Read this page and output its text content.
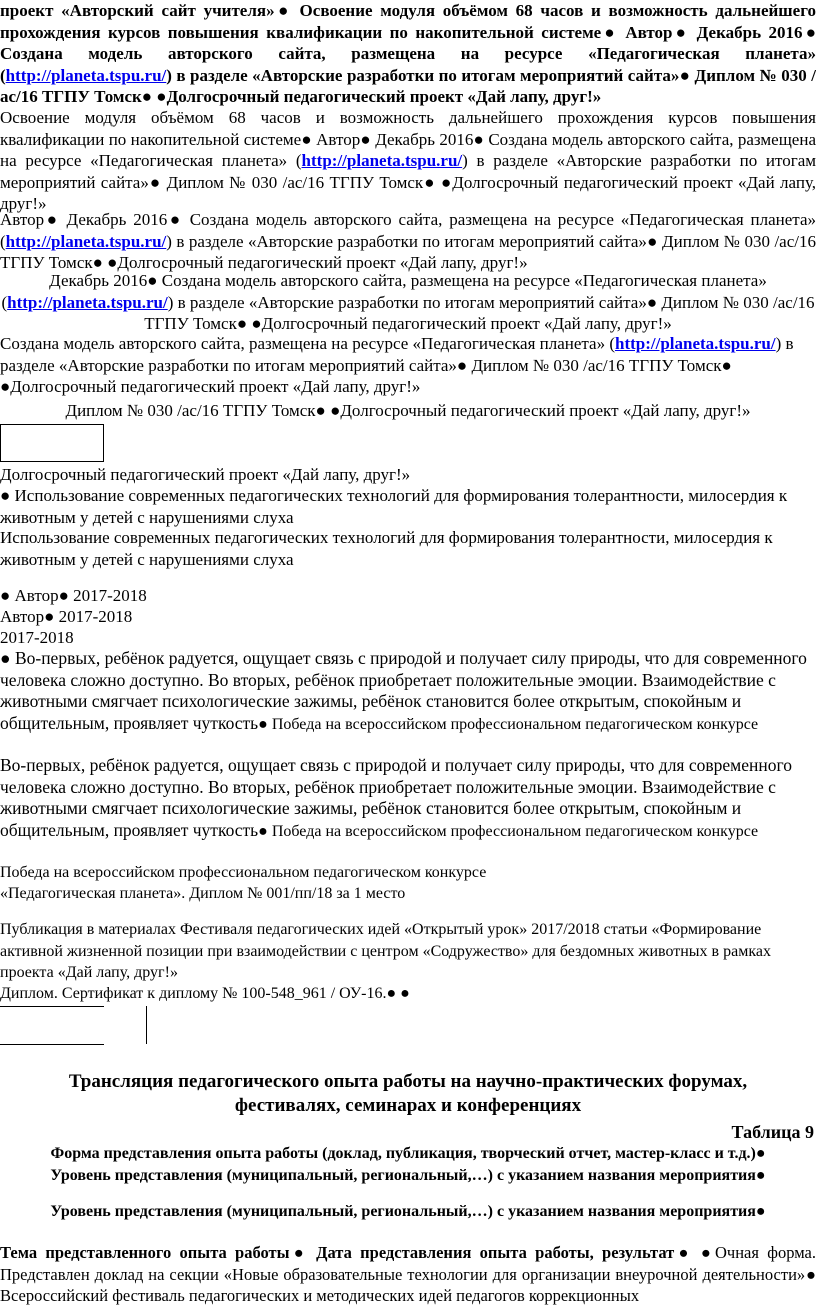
проект «Авторский сайт учителя»● Освоение модуля объёмом 68 часов и возможность дальнейшего прохождения курсов повышения квалификации по накопительной системе● Автор● Декабрь 2016● Создана модель авторского сайта, размещена на ресурсе «Педагогическая планета» (http://planeta.tspu.ru/) в разделе «Авторские разработки по итогам мероприятий сайта»● Диплом № 030 /ас/16 ТГПУ Томск● ●Долгосрочный педагогический проект «Дай лапу, друг!»

Освоение модуля объёмом 68 часов и возможность дальнейшего прохождения курсов повышения квалификации по накопительной системе● Автор● Декабрь 2016● Создана модель авторского сайта, размещена на ресурсе «Педагогическая планета» (http://planeta.tspu.ru/) в разделе «Авторские разработки по итогам мероприятий сайта»● Диплом № 030 /ас/16 ТГПУ Томск● ●Долгосрочный педагогический проект «Дай лапу, друг!»

Автор● Декабрь 2016● Создана модель авторского сайта, размещена на ресурсе «Педагогическая планета» (http://planeta.tspu.ru/) в разделе «Авторские разработки по итогам мероприятий сайта»● Диплом № 030 /ас/16 ТГПУ Томск● ●Долгосрочный педагогический проект «Дай лапу, друг!»

Декабрь 2016● Создана модель авторского сайта, размещена на ресурсе «Педагогическая планета» (http://planeta.tspu.ru/) в разделе «Авторские разработки по итогам мероприятий сайта»● Диплом № 030 /ас/16 ТГПУ Томск● ●Долгосрочный педагогический проект «Дай лапу, друг!»

Создана модель авторского сайта, размещена на ресурсе «Педагогическая планета» (http://planeta.tspu.ru/) в разделе «Авторские разработки по итогам мероприятий сайта»● Диплом № 030 /ас/16 ТГПУ Томск● ●Долгосрочный педагогический проект «Дай лапу, друг!»

Диплом № 030 /ас/16 ТГПУ Томск● ●Долгосрочный педагогический проект «Дай лапу, друг!»

Долгосрочный педагогический проект «Дай лапу, друг!»

● Использование современных педагогических технологий для формирования толерантности, милосердия к животным у детей с нарушениями слуха

Использование современных педагогических технологий для формирования толерантности, милосердия к животным у детей с нарушениями слуха

● Автор● 2017-2018

Автор● 2017-2018

2017-2018

● Во-первых, ребёнок радуется, ощущает связь с природой и получает силу природы, что для современного человека сложно доступно. Во вторых, ребёнок приобретает положительные эмоции. Взаимодействие с животными смягчает психологические зажимы, ребёнок становится более открытым, спокойным и общительным, проявляет чуткость● Победа на всероссийском профессиональном педагогическом конкурсе

Во-первых, ребёнок радуется, ощущает связь с природой и получает силу природы, что для современного человека сложно доступно. Во вторых, ребёнок приобретает положительные эмоции. Взаимодействие с животными смягчает психологические зажимы, ребёнок становится более открытым, спокойным и общительным, проявляет чуткость● Победа на всероссийском профессиональном педагогическом конкурсе

Победа на всероссийском профессиональном педагогическом конкурсе

«Педагогическая планета». Диплом № 001/пп/18 за 1 место

Публикация в материалах Фестиваля педагогических идей «Открытый урок» 2017/2018 статьи «Формирование активной жизненной позиции при взаимодействии с центром «Содружество» для бездомных животных в рамках проекта «Дай лапу, друг!»

Диплом. Сертификат к диплому № 100-548_961 / ОУ-16.● ●

Трансляция педагогического опыта работы на научно-практических форумах, фестивалях, семинарах и конференциях
Таблица 9

Форма представления опыта работы (доклад, публикация, творческий отчет, мастер-класс и т.д.)● Уровень представления (муниципальный, региональный,…) с указанием названия мероприятия●

Уровень представления (муниципальный, региональный,…) с указанием названия мероприятия●

Тема представленного опыта работы● Дата представления опыта работы, результат● ●Очная форма. Представлен доклад на секции «Новые образовательные технологии для организации внеурочной деятельности»● Всероссийский фестиваль педагогических и методических идей педагогов коррекционных
